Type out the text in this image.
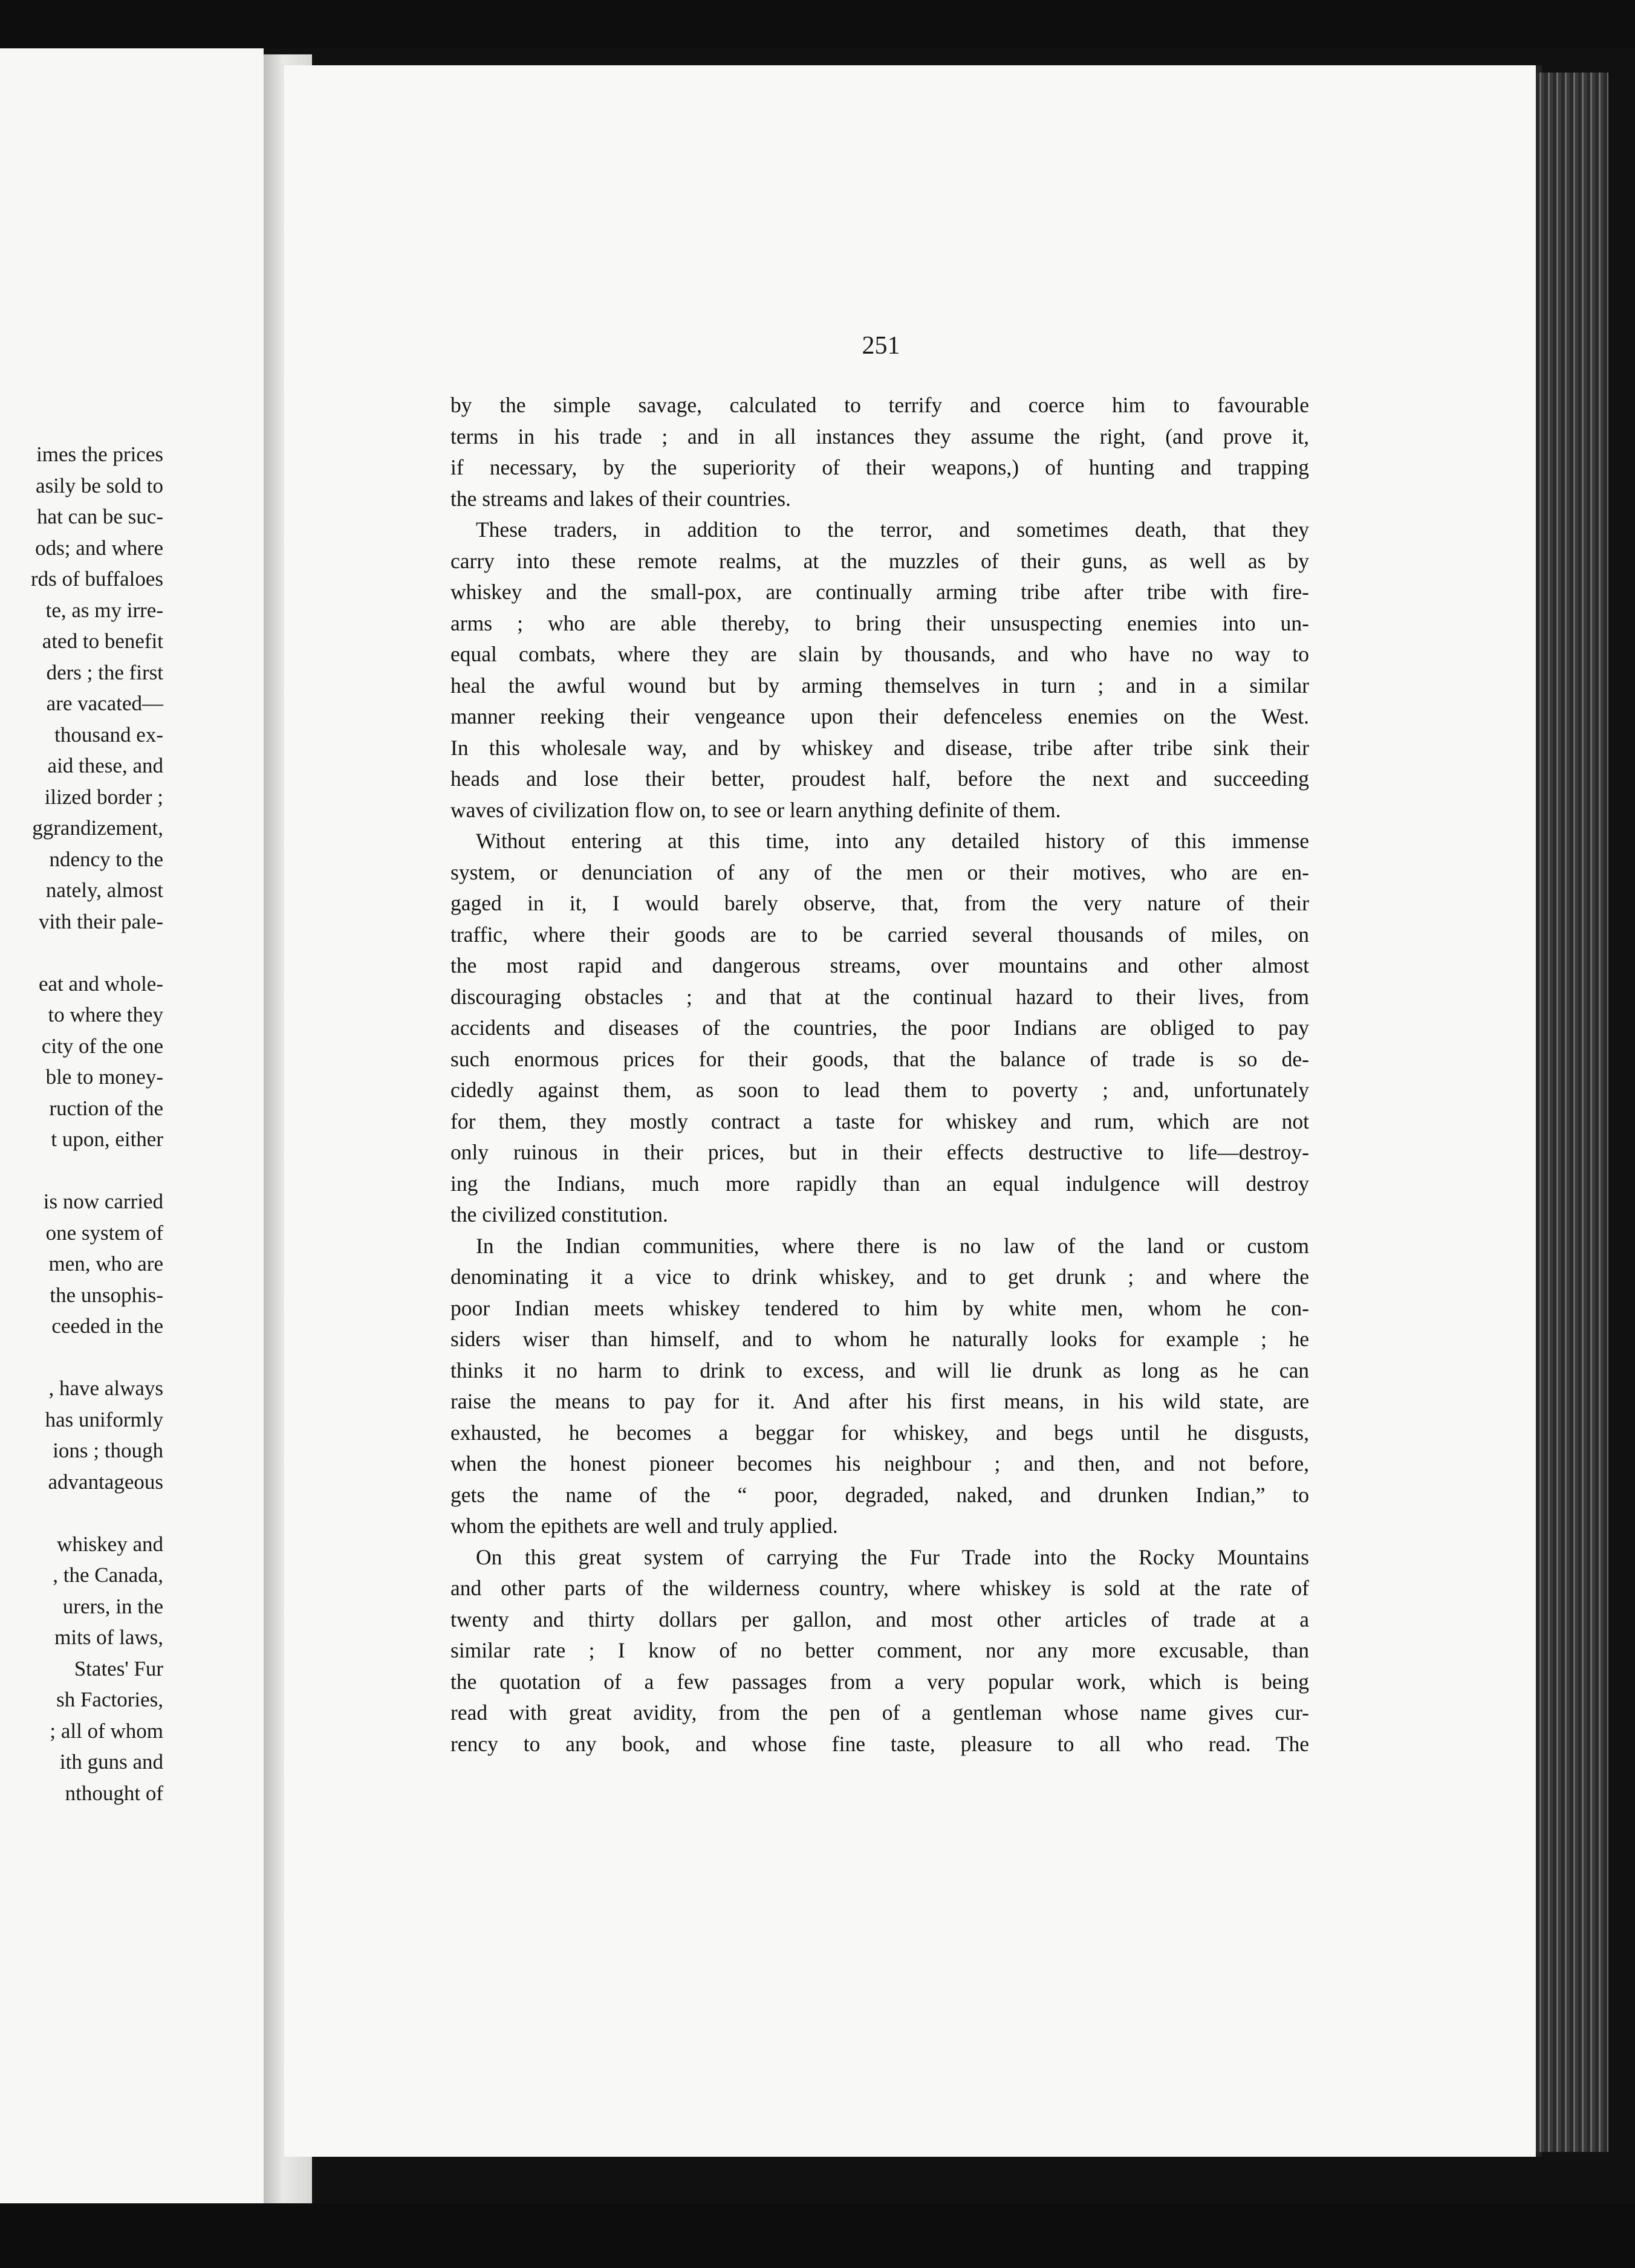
imes the prices
asily be sold to
hat can be suc-
ods; and where
rds of buffaloes
te, as my irre-
ated to benefit
ders ; the first
are vacated—
thousand ex-
aid these, and
ilized border ;
ggrandizement,
ndency to the
nately, almost
vith their pale-
eat and whole-
to where they
city of the one
ble to money-
ruction of the
t upon, either
is now carried
one system of
men, who are
the unsophis-
ceeded in the
, have always
has uniformly
ions ; though
advantageous
whiskey and
, the Canada,
urers, in the
mits of laws,
States' Fur
sh Factories,
; all of whom
ith guns and
nthought of
251
by the simple savage, calculated to terrify and coerce him to favourable
terms in his trade ; and in all instances they assume the right, (and prove it,
if necessary, by the superiority of their weapons,) of hunting and trapping
the streams and lakes of their countries.
These traders, in addition to the terror, and sometimes death, that they
carry into these remote realms, at the muzzles of their guns, as well as by
whiskey and the small-pox, are continually arming tribe after tribe with fire-
arms ; who are able thereby, to bring their unsuspecting enemies into un-
equal combats, where they are slain by thousands, and who have no way to
heal the awful wound but by arming themselves in turn ; and in a similar
manner reeking their vengeance upon their defenceless enemies on the West.
In this wholesale way, and by whiskey and disease, tribe after tribe sink their
heads and lose their better, proudest half, before the next and succeeding
waves of civilization flow on, to see or learn anything definite of them.
Without entering at this time, into any detailed history of this immense
system, or denunciation of any of the men or their motives, who are en-
gaged in it, I would barely observe, that, from the very nature of their
traffic, where their goods are to be carried several thousands of miles, on
the most rapid and dangerous streams, over mountains and other almost
discouraging obstacles ; and that at the continual hazard to their lives, from
accidents and diseases of the countries, the poor Indians are obliged to pay
such enormous prices for their goods, that the balance of trade is so de-
cidedly against them, as soon to lead them to poverty ; and, unfortunately
for them, they mostly contract a taste for whiskey and rum, which are not
only ruinous in their prices, but in their effects destructive to life—destroy-
ing the Indians, much more rapidly than an equal indulgence will destroy
the civilized constitution.
In the Indian communities, where there is no law of the land or custom
denominating it a vice to drink whiskey, and to get drunk ; and where the
poor Indian meets whiskey tendered to him by white men, whom he con-
siders wiser than himself, and to whom he naturally looks for example ; he
thinks it no harm to drink to excess, and will lie drunk as long as he can
raise the means to pay for it. And after his first means, in his wild state, are
exhausted, he becomes a beggar for whiskey, and begs until he disgusts,
when the honest pioneer becomes his neighbour ; and then, and not before,
gets the name of the “ poor, degraded, naked, and drunken Indian,” to
whom the epithets are well and truly applied.
On this great system of carrying the Fur Trade into the Rocky Mountains
and other parts of the wilderness country, where whiskey is sold at the rate of
twenty and thirty dollars per gallon, and most other articles of trade at a
similar rate ; I know of no better comment, nor any more excusable, than
the quotation of a few passages from a very popular work, which is being
read with great avidity, from the pen of a gentleman whose name gives cur-
rency to any book, and whose fine taste, pleasure to all who read. The
